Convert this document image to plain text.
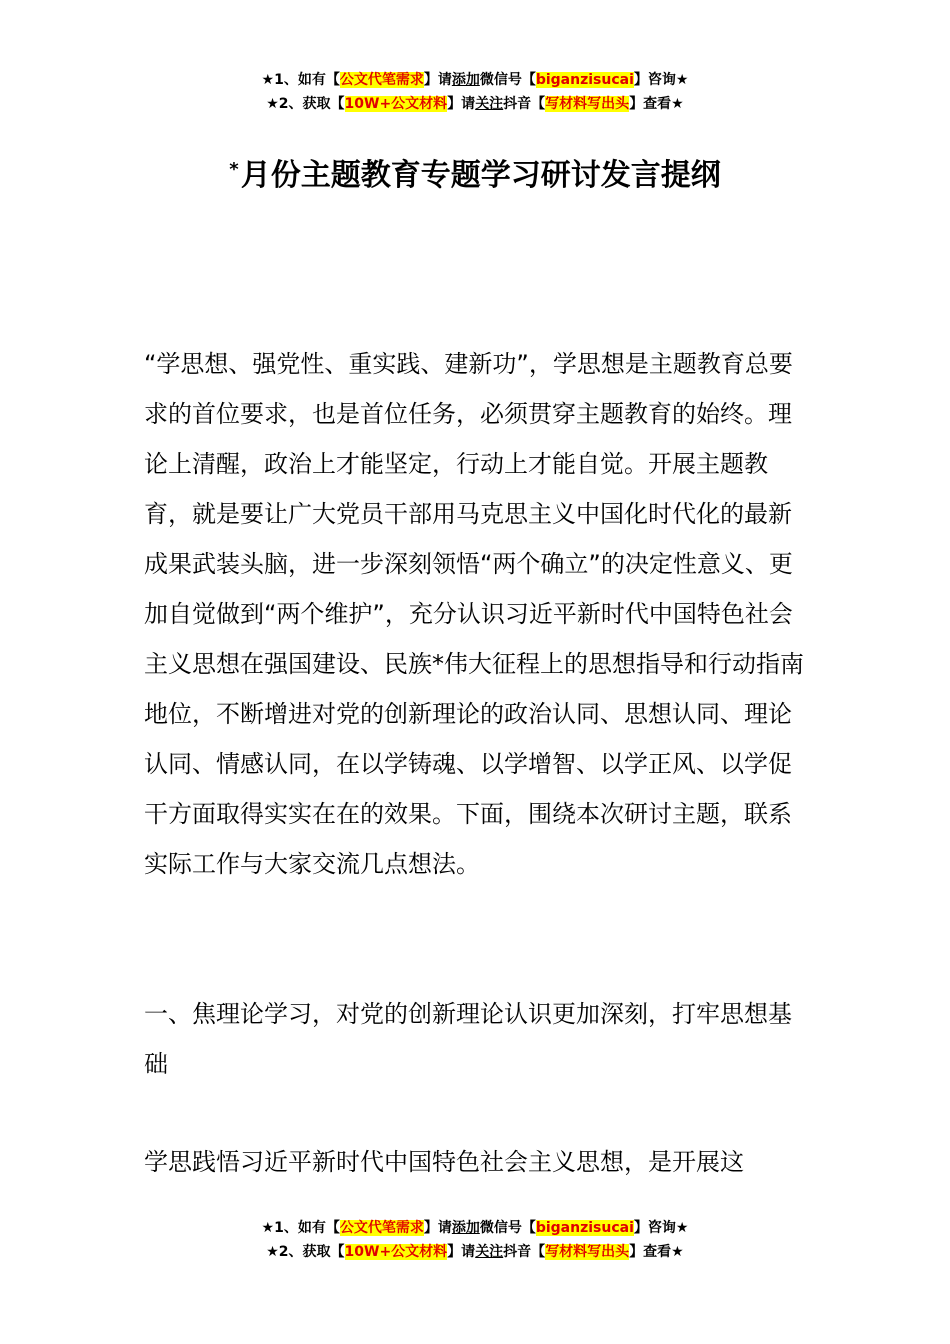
★1、如有【公文代笔需求】请添加微信号【biganzisucai】咨询★
★2、获取【10W+公文材料】请关注抖音【写材料写出头】查看★
*月份主题教育专题学习研讨发言提纲

“学思想、强党性、重实践、建新功”，学思想是主题教育总要求的首位要求，也是首位任务，必须贯穿主题教育的始终。理论上清醒，政治上才能坚定，行动上才能自觉。开展主题教育，就是要让广大党员干部用马克思主义中国化时代化的最新成果武装头脑，进一步深刻领悟“两个确立”的决定性意义、更加自觉做到“两个维护”，充分认识习近平新时代中国特色社会主义思想在强国建设、民族*伟大征程上的思想指导和行动指南地位，不断增进对党的创新理论的政治认同、思想认同、理论认同、情感认同，在以学铸魂、以学增智、以学正风、以学促干方面取得实实在在的效果。下面，围绕本次研讨主题，联系实际工作与大家交流几点想法。

一、焦理论学习，对党的创新理论认识更加深刻，打牢思想基础

学思践悟习近平新时代中国特色社会主义思想，是开展这

★1、如有【公文代笔需求】请添加微信号【biganzisucai】咨询★
★2、获取【10W+公文材料】请关注抖音【写材料写出头】查看★
